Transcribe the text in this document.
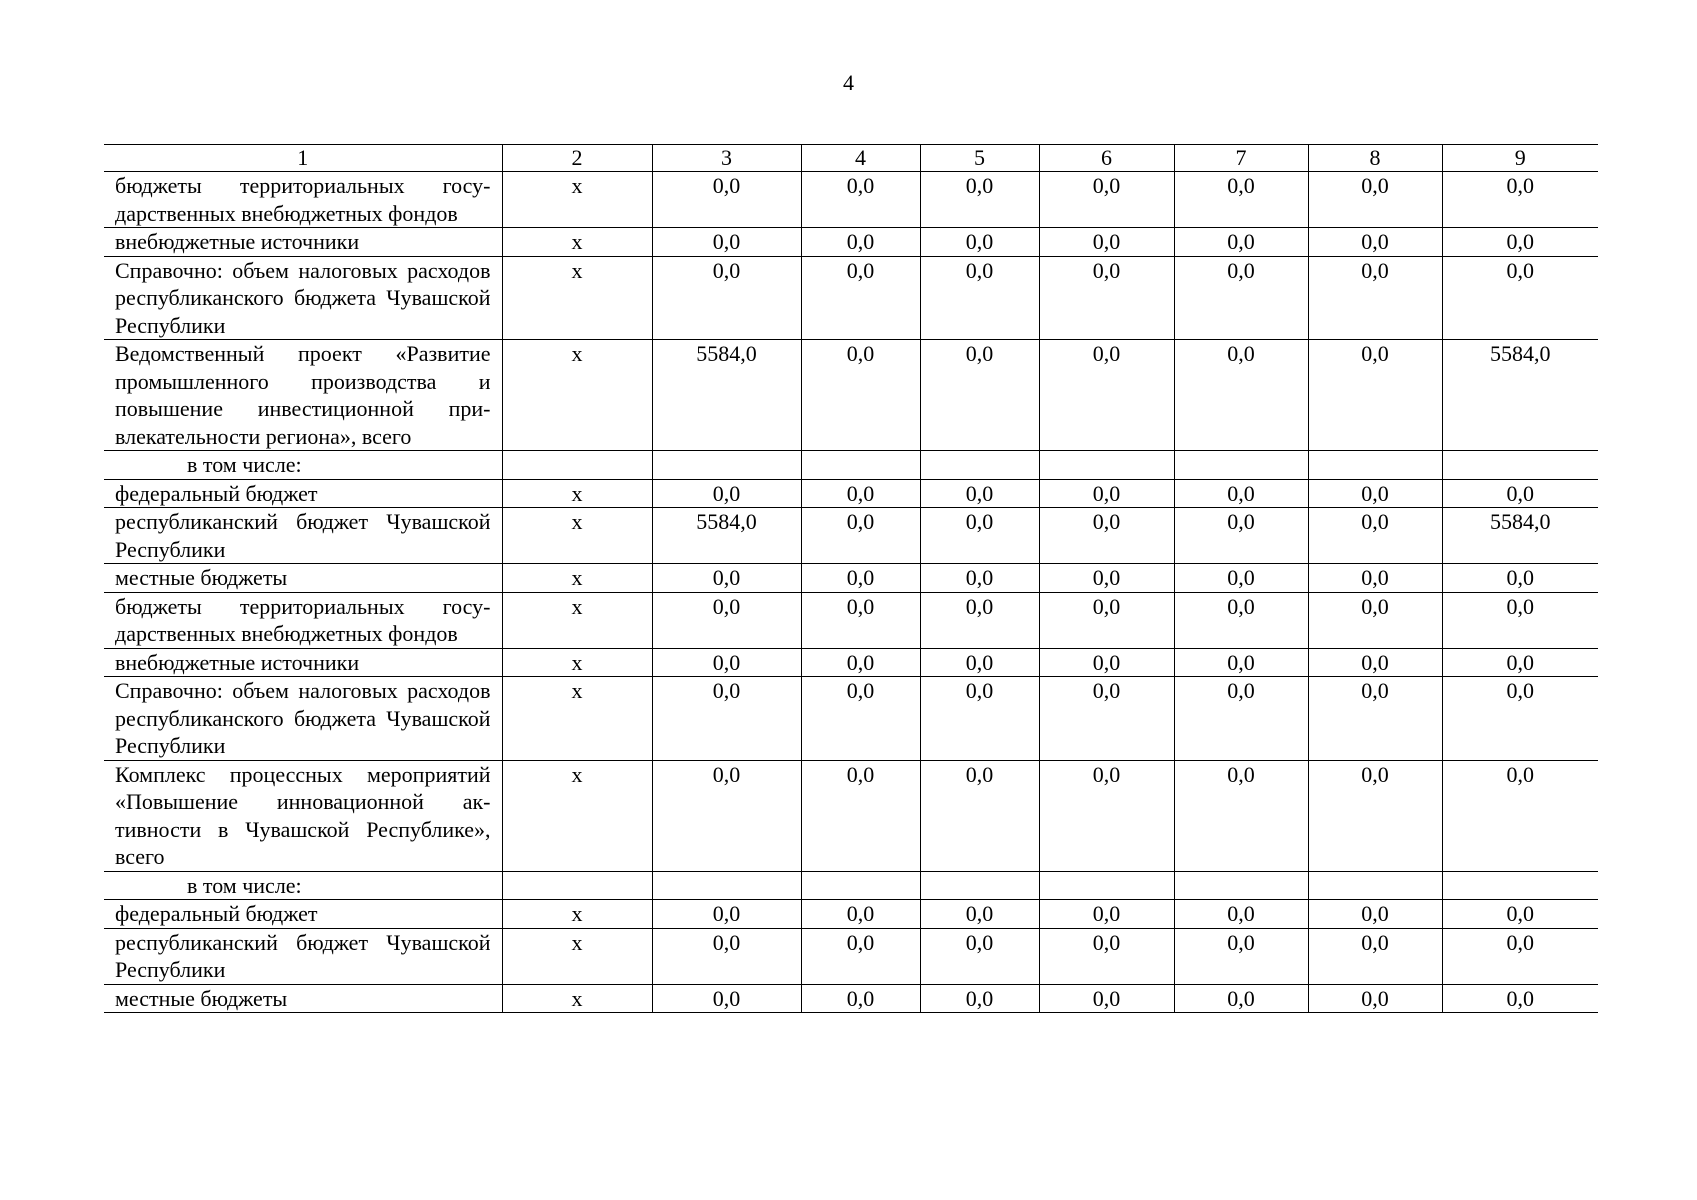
4
1	2	3	4	5	6	7	8	9
бюджеты территориальных государственных внебюджетных фондов	x	0,0	0,0	0,0	0,0	0,0	0,0	0,0
внебюджетные источники	x	0,0	0,0	0,0	0,0	0,0	0,0	0,0
Справочно: объем налоговых расходов республиканского бюджета Чувашской Республики	x	0,0	0,0	0,0	0,0	0,0	0,0	0,0
Ведомственный проект «Развитие промышленного производства и повышение инвестиционной привлекательности региона», всего	x	5584,0	0,0	0,0	0,0	0,0	0,0	5584,0
в том числе:								
федеральный бюджет	x	0,0	0,0	0,0	0,0	0,0	0,0	0,0
республиканский бюджет Чувашской Республики	x	5584,0	0,0	0,0	0,0	0,0	0,0	5584,0
местные бюджеты	x	0,0	0,0	0,0	0,0	0,0	0,0	0,0
бюджеты территориальных государственных внебюджетных фондов	x	0,0	0,0	0,0	0,0	0,0	0,0	0,0
внебюджетные источники	x	0,0	0,0	0,0	0,0	0,0	0,0	0,0
Справочно: объем налоговых расходов республиканского бюджета Чувашской Республики	x	0,0	0,0	0,0	0,0	0,0	0,0	0,0
Комплекс процессных мероприятий «Повышение инновационной активности в Чувашской Республике», всего	x	0,0	0,0	0,0	0,0	0,0	0,0	0,0
в том числе:								
федеральный бюджет	x	0,0	0,0	0,0	0,0	0,0	0,0	0,0
республиканский бюджет Чувашской Республики	x	0,0	0,0	0,0	0,0	0,0	0,0	0,0
местные бюджеты	x	0,0	0,0	0,0	0,0	0,0	0,0	0,0
